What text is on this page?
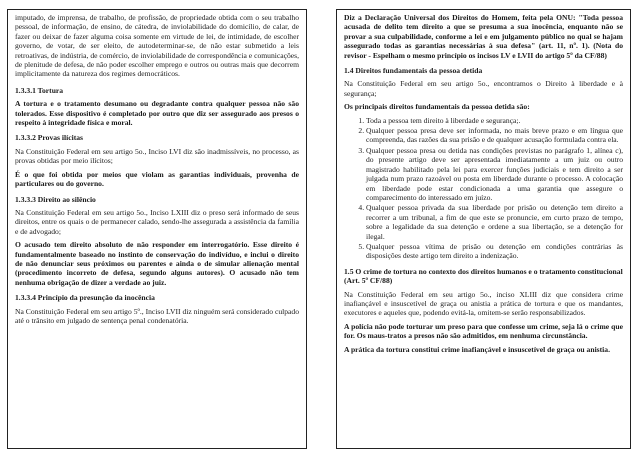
imputado, de imprensa, de trabalho, de profissão, de propriedade obtida com o seu trabalho pessoal, de informação, de ensino, de cátedra, de inviolabilidade do domicílio, de calar, de fazer ou deixar de fazer alguma coisa somente em virtude de lei, de intimidade, de escolher governo, de votar, de ser eleito, de autodeterminar-se, de não estar submetido a leis retroativas, de indústria, de comércio, de inviolabilidade de correspondência e comunicações, de plenitude de defesa, de não poder escolher emprego e outros ou outras mais que decorrem implicitamente da natureza dos regimes democráticos.

1.3.3.1 Tortura

A tortura e o tratamento desumano ou degradante contra qualquer pessoa não são tolerados. Esse dispositivo é completado por outro que diz ser assegurado aos presos o respeito à integridade física e moral.

1.3.3.2 Provas ilícitas

Na Constituição Federal em seu artigo 5o., Inciso LVI diz são inadmissíveis, no processo, as provas obtidas por meio ilícitos;

É o que foi obtida por meios que violam as garantias individuais, provenha de particulares ou do governo.

1.3.3.3 Direito ao silêncio

Na Constituição Federal em seu artigo 5o., Inciso LXIII diz o preso será informado de seus direitos, entre os quais o de permanecer calado, sendo-lhe assegurada a assistência da família e de advogado;

O acusado tem direito absoluto de não responder em interrogatório. Esse direito é fundamentalmente baseado no instinto de conservação do indivíduo, e inclui o direito de não denunciar seus próximos ou parentes e ainda o de simular alienação mental (procedimento incorreto de defesa, segundo alguns autores). O acusado não tem nenhuma obrigação de dizer a verdade ao juiz.

1.3.3.4 Princípio da presunção da inocência

Na Constituição Federal em seu artigo 5º., Inciso LVII diz ninguém será considerado culpado até o trânsito em julgado de sentença penal condenatória.

Diz a Declaração Universal dos Direitos do Homem, feita pela ONU: "Toda pessoa acusada de delito tem direito a que se presuma a sua inocência, enquanto não se provar a sua culpabilidade, conforme a lei e em julgamento público no qual se hajam assegurado todas as garantias necessárias à sua defesa" (art. 11, nº. 1). (Nota do revisor - Espelham o mesmo princípio os incisos LV e LVII do artigo 5º da CF/88)

1.4 Direitos fundamentais da pessoa detida

Na Constituição Federal em seu artigo 5o., encontramos o Direito à liberdade e à segurança;

Os principais direitos fundamentais da pessoa detida são:

1. Toda a pessoa tem direito à liberdade e segurança;.
2. Qualquer pessoa presa deve ser informada, no mais breve prazo e em língua que compreenda, das razões da sua prisão e de qualquer acusação formulada contra ela.
3. Qualquer pessoa presa ou detida nas condições previstas no parágrafo 1, alínea c), do presente artigo deve ser apresentada imediatamente a um juiz ou outro magistrado habilitado pela lei para exercer funções judiciais e tem direito a ser julgada num prazo razoável ou posta em liberdade durante o processo. A colocação em liberdade pode estar condicionada a uma garantia que assegure o comparecimento do interessado em juízo.
4. Qualquer pessoa privada da sua liberdade por prisão ou detenção tem direito a recorrer a um tribunal, a fim de que este se pronuncie, em curto prazo de tempo, sobre a legalidade da sua detenção e ordene a sua libertação, se a detenção for ilegal.
5. Qualquer pessoa vítima de prisão ou detenção em condições contrárias às disposições deste artigo tem direito a indenização.
1.5 O crime de tortura no contexto dos direitos humanos e o tratamento constitucional (Art. 5º CF/88)

Na Constituição Federal em seu artigo 5o., inciso XLIII diz que considera crime inafiançável e insuscetível de graça ou anistia a prática de tortura e que os mandantes, executores e aqueles que, podendo evitá-la, omitem-se serão responsabilizados.

A polícia não pode torturar um preso para que confesse um crime, seja lá o crime que for. Os maus-tratos a presos não são admitidos, em nenhuma circunstância.

A prática da tortura constitui crime inafiançável e insuscetível de graça ou anistia.
